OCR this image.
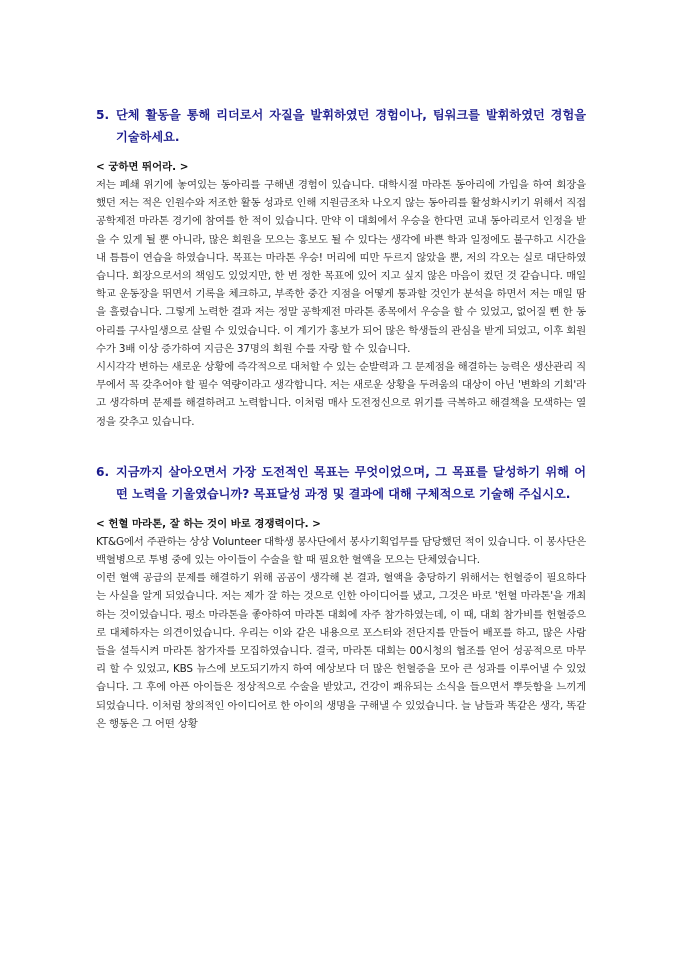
5. 단체 활동을 통해 리더로서 자질을 발휘하였던 경험이나, 팀워크를 발휘하였던 경험을 기술하세요.

< 궁하면 뛰어라. >

저는 폐쇄 위기에 놓여있는 동아리를 구해낸 경험이 있습니다. 대학시절 마라톤 동아리에 가입을 하여 회장을 했던 저는 적은 인원수와 저조한 활동 성과로 인해 지원금조차 나오지 않는 동아리를 활성화시키기 위해서 직접 공학제전 마라톤 경기에 참여를 한 적이 있습니다. 만약 이 대회에서 우승을 한다면 교내 동아리로서 인정을 받을 수 있게 될 뿐 아니라, 많은 회원을 모으는 홍보도 될 수 있다는 생각에 바쁜 학과 일정에도 불구하고 시간을 내 틈틈이 연습을 하였습니다. 목표는 마라톤 우승! 머리에 띠만 두르지 않았을 뿐, 저의 각오는 실로 대단하였습니다. 회장으로서의 책임도 있었지만, 한 번 정한 목표에 있어 지고 싶지 않은 마음이 컸던 것 같습니다. 매일 학교 운동장을 뛰면서 기록을 체크하고, 부족한 중간 지점을 어떻게 통과할 것인가 분석을 하면서 저는 매일 땀을 흘렸습니다. 그렇게 노력한 결과 저는 정말 공학제전 마라톤 종목에서 우승을 할 수 있었고, 없어질 뻔 한 동아리를 구사일생으로 살릴 수 있었습니다. 이 계기가 홍보가 되어 많은 학생들의 관심을 받게 되었고, 이후 회원 수가 3배 이상 증가하여 지금은 37명의 회원 수를 자랑 할 수 있습니다.

시시각각 변하는 새로운 상황에 즉각적으로 대처할 수 있는 순발력과 그 문제점을 해결하는 능력은 생산관리 직무에서 꼭 갖추어야 할 필수 역량이라고 생각합니다. 저는 새로운 상황을 두려움의 대상이 아닌 '변화의 기회'라고 생각하며 문제를 해결하려고 노력합니다. 이처럼 매사 도전정신으로 위기를 극복하고 해결책을 모색하는 열정을 갖추고 있습니다.

6. 지금까지 살아오면서 가장 도전적인 목표는 무엇이었으며, 그 목표를 달성하기 위해 어떤 노력을 기울였습니까? 목표달성 과정 및 결과에 대해 구체적으로 기술해 주십시오.

< 헌혈 마라톤, 잘 하는 것이 바로 경쟁력이다. >

KT&G에서 주관하는 상상 Volunteer 대학생 봉사단에서 봉사기획업무를 담당했던 적이 있습니다. 이 봉사단은 백혈병으로 투병 중에 있는 아이들이 수술을 할 때 필요한 혈액을 모으는 단체였습니다.

이런 혈액 공급의 문제를 해결하기 위해 곰곰이 생각해 본 결과, 혈액을 충당하기 위해서는 헌혈증이 필요하다는 사실을 알게 되었습니다. 저는 제가 잘 하는 것으로 인한 아이디어를 냈고, 그것은 바로 '헌혈 마라톤'을 개최하는 것이었습니다. 평소 마라톤을 좋아하여 마라톤 대회에 자주 참가하였는데, 이 때, 대회 참가비를 헌혈증으로 대체하자는 의견이었습니다. 우리는 이와 같은 내용으로 포스터와 전단지를 만들어 배포를 하고, 많은 사람들을 설득시켜 마라톤 참가자를 모집하였습니다. 결국, 마라톤 대회는 00시청의 협조를 얻어 성공적으로 마무리 할 수 있었고, KBS 뉴스에 보도되기까지 하여 예상보다 더 많은 헌혈증을 모아 큰 성과를 이루어낼 수 있었습니다. 그 후에 아픈 아이들은 정상적으로 수술을 받았고, 건강이 쾌유되는 소식을 들으면서 뿌듯함을 느끼게 되었습니다. 이처럼 창의적인 아이디어로 한 아이의 생명을 구해낼 수 있었습니다. 늘 남들과 똑같은 생각, 똑같은 행동은 그 어떤 상황
